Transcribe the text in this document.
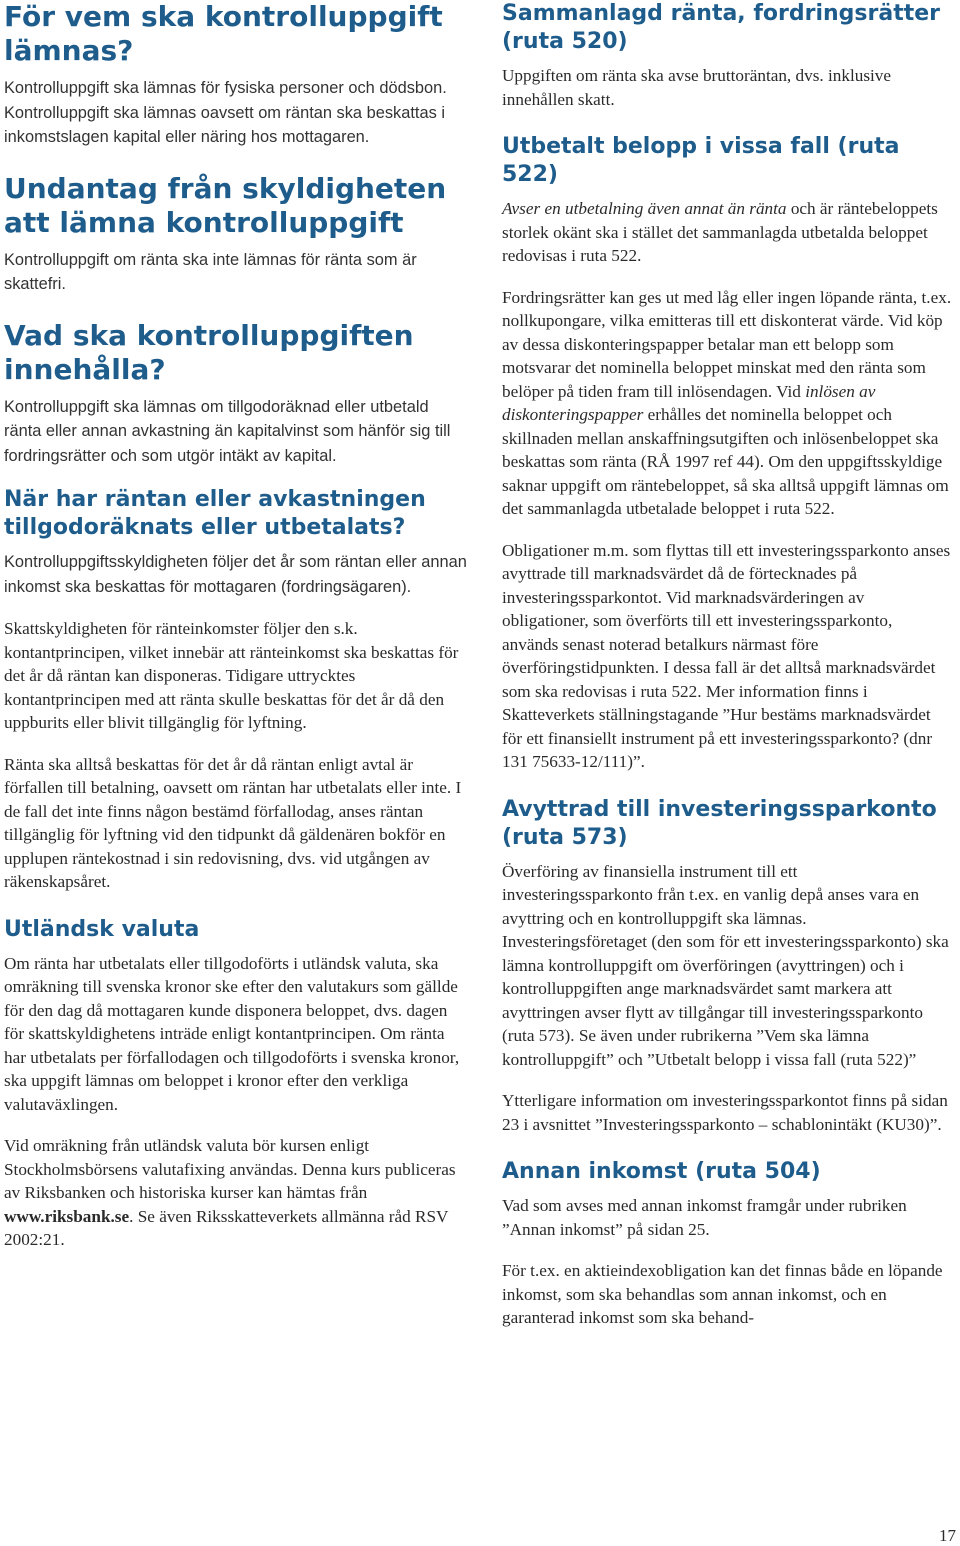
För vem ska kontrolluppgift lämnas?

Kontrolluppgift ska lämnas för fysiska personer och dödsbon. Kontrolluppgift ska lämnas oavsett om räntan ska beskattas i inkomstslagen kapital eller näring hos mottagaren.

Undantag från skyldigheten att lämna kontrolluppgift

Kontrolluppgift om ränta ska inte lämnas för ränta som är skattefri.

Vad ska kontrolluppgiften innehålla?

Kontrolluppgift ska lämnas om tillgodoräknad eller utbetald ränta eller annan avkastning än kapitalvinst som hänför sig till fordringsrätter och som utgör intäkt av kapital.

När har räntan eller avkastningen tillgodoräknats eller utbetalats?

Kontrolluppgiftsskyldigheten följer det år som räntan eller annan inkomst ska beskattas för mottagaren (fordringsägaren).

Skattskyldigheten för ränteinkomster följer den s.k. kontantprincipen, vilket innebär att ränteinkomst ska beskattas för det år då räntan kan disponeras. Tidigare uttrycktes kontantprincipen med att ränta skulle beskattas för det år då den uppburits eller blivit tillgänglig för lyftning.

Ränta ska alltså beskattas för det år då räntan enligt avtal är förfallen till betalning, oavsett om räntan har utbetalats eller inte. I de fall det inte finns någon bestämd förfallodag, anses räntan tillgänglig för lyftning vid den tidpunkt då gäldenären bokför en upplupen räntekostnad i sin redovisning, dvs. vid utgången av räkenskapsåret.

Utländsk valuta

Om ränta har utbetalats eller tillgodoförts i utländsk valuta, ska omräkning till svenska kronor ske efter den valutakurs som gällde för den dag då mottagaren kunde disponera beloppet, dvs. dagen för skattskyldighetens inträde enligt kontantprincipen. Om ränta har utbetalats per förfallodagen och tillgodoförts i svenska kronor, ska uppgift lämnas om beloppet i kronor efter den verkliga valutaväxlingen.

Vid omräkning från utländsk valuta bör kursen enligt Stockholmsbörsens valutafixing användas. Denna kurs publiceras av Riksbanken och historiska kurser kan hämtas från www.riksbank.se. Se även Riksskatteverkets allmänna råd RSV 2002:21.

Sammanlagd ränta, fordringsrätter (ruta 520)

Uppgiften om ränta ska avse bruttoräntan, dvs. inklusive innehållen skatt.

Utbetalt belopp i vissa fall (ruta 522)

Avser en utbetalning även annat än ränta och är räntebeloppets storlek okänt ska i stället det sammanlagda utbetalda beloppet redovisas i ruta 522.

Fordringsrätter kan ges ut med låg eller ingen löpande ränta, t.ex. nollkupongare, vilka emitteras till ett diskonterat värde. Vid köp av dessa diskonteringspapper betalar man ett belopp som motsvarar det nominella beloppet minskat med den ränta som belöper på tiden fram till inlösendagen. Vid inlösen av diskonteringspapper erhålles det nominella beloppet och skillnaden mellan anskaffningsutgiften och inlösenbeloppet ska beskattas som ränta (RÅ 1997 ref 44). Om den uppgiftsskyldige saknar uppgift om räntebeloppet, så ska alltså uppgift lämnas om det sammanlagda utbetalade beloppet i ruta 522.

Obligationer m.m. som flyttas till ett investeringssparkonto anses avyttrade till marknadsvärdet då de förtecknades på investeringssparkontot. Vid marknadsvärderingen av obligationer, som överförts till ett investeringssparkonto, används senast noterad betalkurs närmast före överföringstidpunkten. I dessa fall är det alltså marknadsvärdet som ska redovisas i ruta 522. Mer information finns i Skatteverkets ställningstagande ”Hur bestäms marknadsvärdet för ett finansiellt instrument på ett investeringssparkonto? (dnr 131 75633-12/111)”.

Avyttrad till investeringssparkonto (ruta 573)

Överföring av finansiella instrument till ett investeringssparkonto från t.ex. en vanlig depå anses vara en avyttring och en kontrolluppgift ska lämnas. Investeringsföretaget (den som för ett investeringssparkonto) ska lämna kontrolluppgift om överföringen (avyttringen) och i kontrolluppgiften ange marknadsvärdet samt markera att avyttringen avser flytt av tillgångar till investeringssparkonto (ruta 573). Se även under rubrikerna ”Vem ska lämna kontrolluppgift” och ”Utbetalt belopp i vissa fall (ruta 522)”

Ytterligare information om investeringssparkontot finns på sidan 23 i avsnittet ”Investeringssparkonto – schablonintäkt (KU30)”.

Annan inkomst (ruta 504)

Vad som avses med annan inkomst framgår under rubriken ”Annan inkomst” på sidan 25.

För t.ex. en aktieindexobligation kan det finnas både en löpande inkomst, som ska behandlas som annan inkomst, och en garanterad inkomst som ska behand-

17
